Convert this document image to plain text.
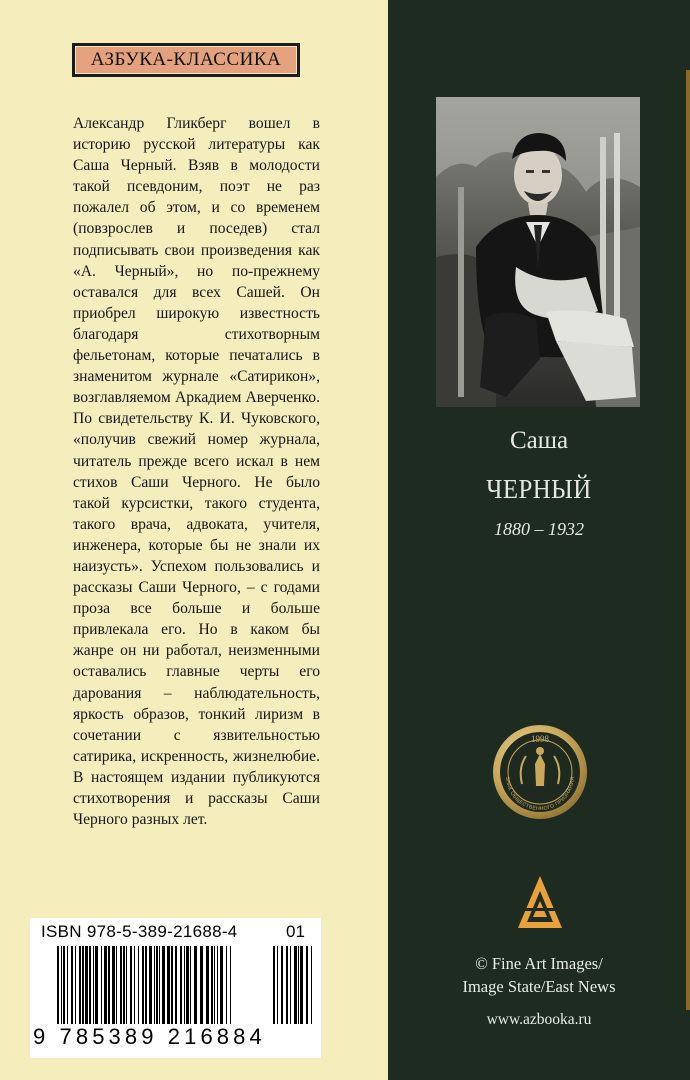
АЗБУКА-КЛАССИКА

Александр Гликберг вошел в историю русской литературы как Саша Черный. Взяв в молодости такой псевдоним, поэт не раз пожалел об этом, и со временем (повзрослев и поседев) стал подписывать свои произведения как «А. Черный», но по-прежнему оставался для всех Сашей. Он приобрел широкую известность благодаря стихотворным фельетонам, которые печатались в знаменитом журнале «Сатирикон», возглавляемом Аркадием Аверченко. По свидетельству К. И. Чуковского, «получив свежий номер журнала, читатель прежде всего искал в нем стихов Саши Черного. Не было такой курсистки, такого студента, такого врача, адвоката, учителя, инженера, которые бы не знали их наизусть». Успехом пользовались и рассказы Саши Черного, – с годами проза все больше и больше привлекала его. Но в каком бы жанре он ни работал, неизменными оставались главные черты его дарования – наблюдательность, яркость образов, тонкий лиризм в сочетании с язвительностью сатирика, искренность, жизнелюбие. В настоящем издании публикуются стихотворения и рассказы Саши Черного разных лет.

ISBN 978-5-389-21688-4	01
9 785389 216884
Саша
ЧЕРНЫЙ
1880 – 1932
1998
ЗНАК ОБЩЕСТВЕННОГО ПРИЗНАНИЯ
© Fine Art Images/
Image State/East News
www.azbooka.ru
